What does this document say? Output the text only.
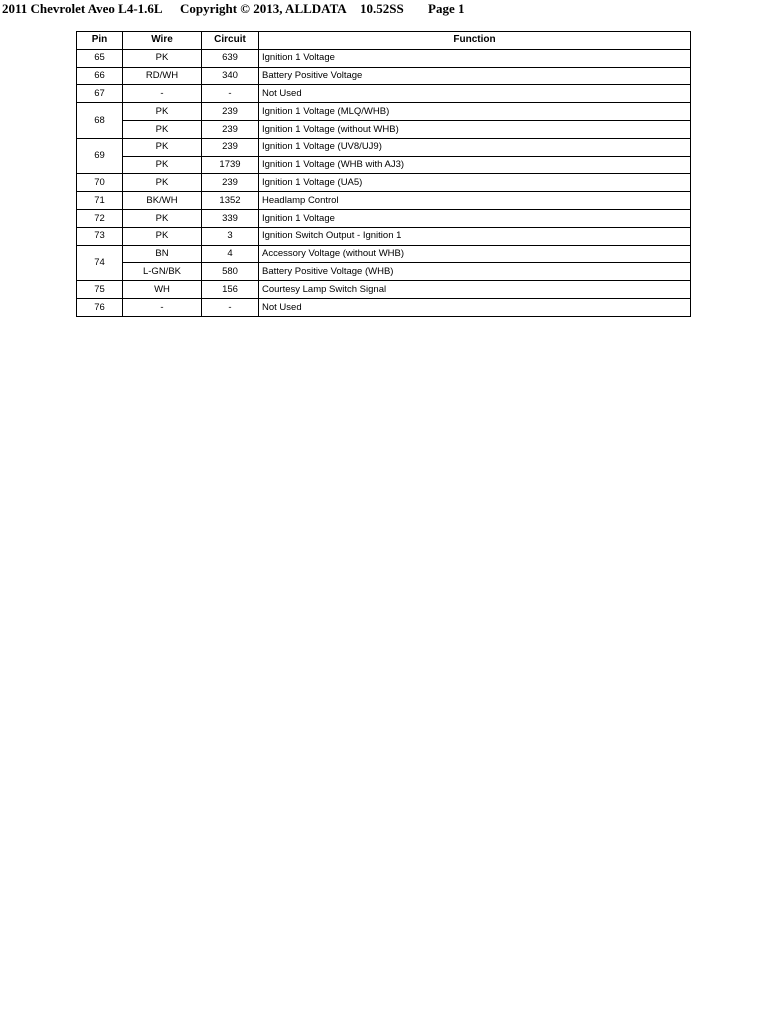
2011 Chevrolet Aveo L4-1.6L Copyright © 2013, ALLDATA 10.52SS Page 1
Pin	Wire	Circuit	Function
65	PK	639	Ignition 1 Voltage
66	RD/WH	340	Battery Positive Voltage
67	-	-	Not Used
68	PK	239	Ignition 1 Voltage (MLQ/WHB)
	PK	239	Ignition 1 Voltage (without WHB)
69	PK	239	Ignition 1 Voltage (UV8/UJ9)
	PK	1739	Ignition 1 Voltage (WHB with AJ3)
70	PK	239	Ignition 1 Voltage (UA5)
71	BK/WH	1352	Headlamp Control
72	PK	339	Ignition 1 Voltage
73	PK	3	Ignition Switch Output - Ignition 1
74	BN	4	Accessory Voltage (without WHB)
	L-GN/BK	580	Battery Positive Voltage (WHB)
75	WH	156	Courtesy Lamp Switch Signal
76	-	-	Not Used
